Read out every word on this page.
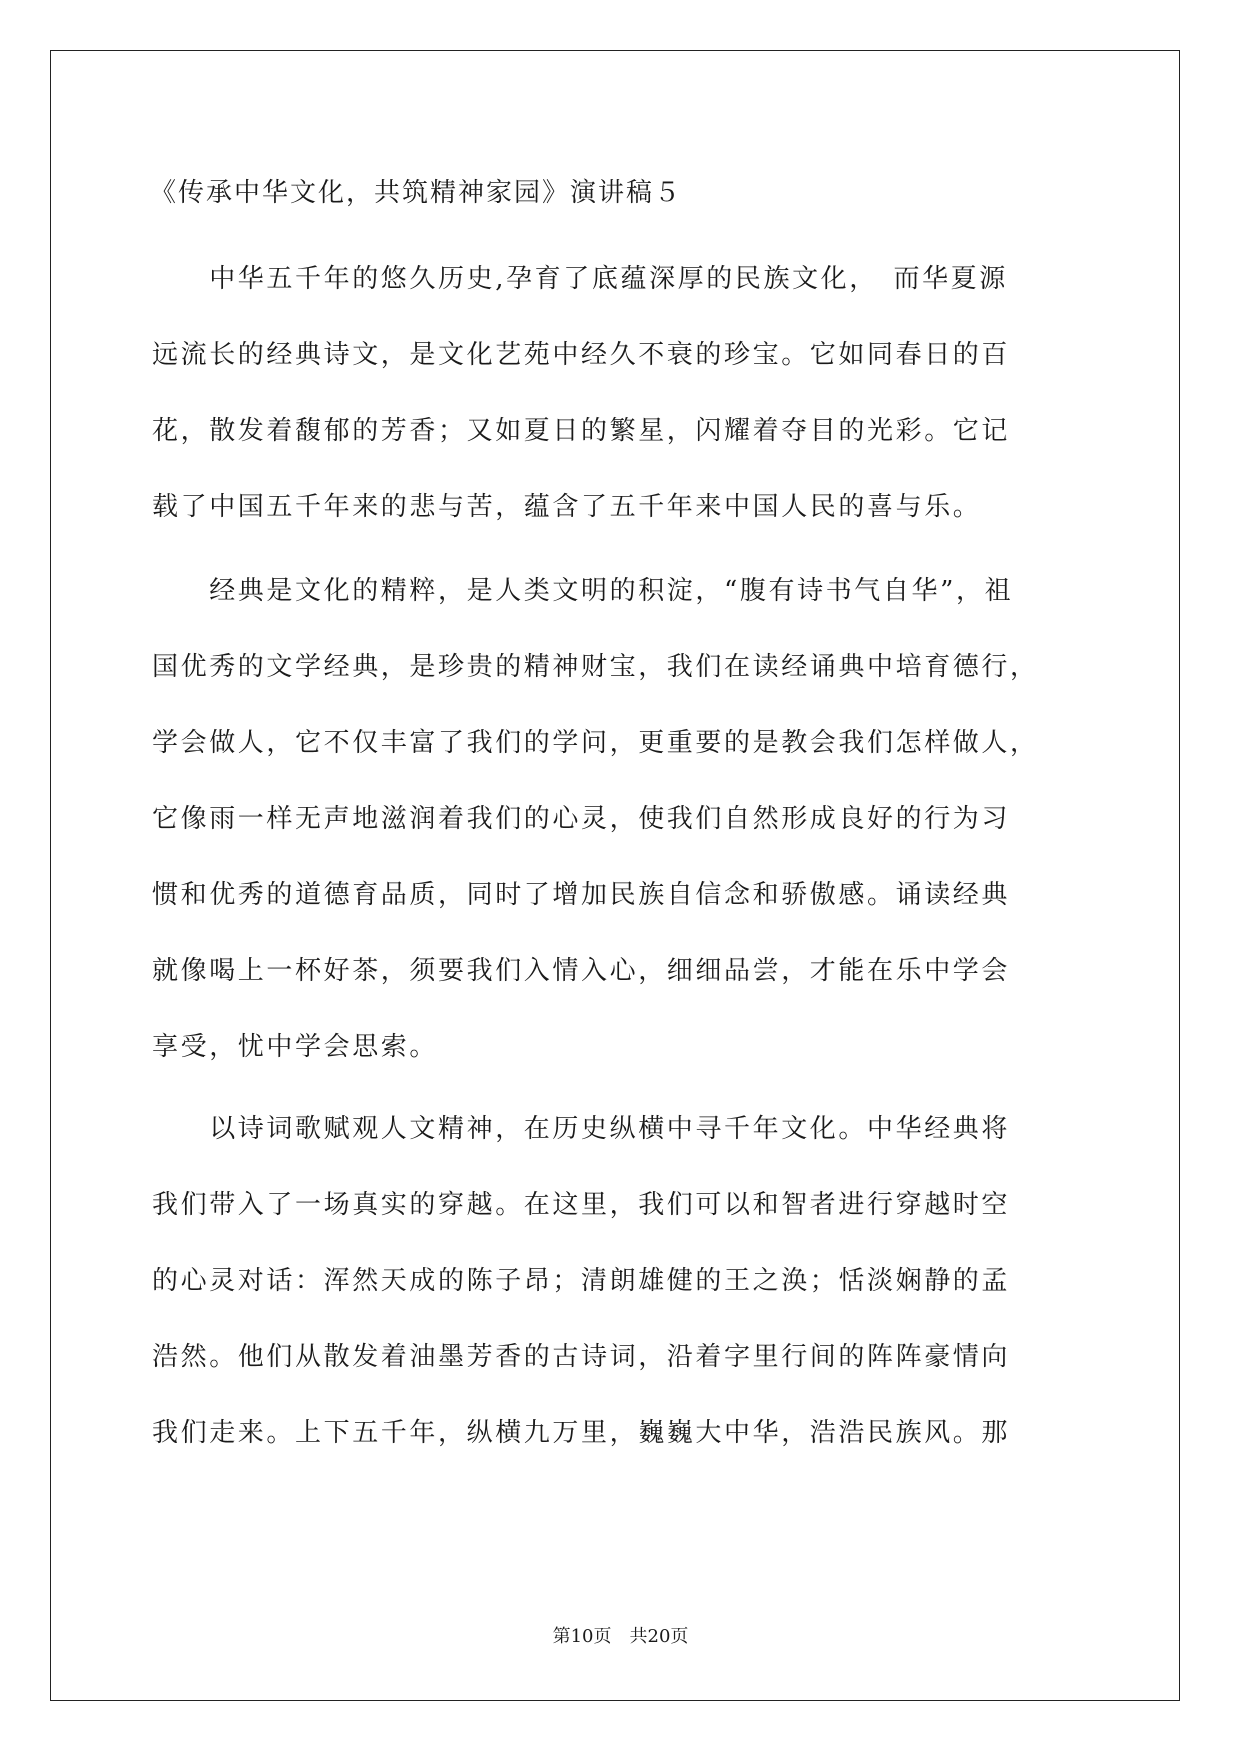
《传承中华文化，共筑精神家园》演讲稿５
　　中华五千年的悠久历史,孕育了底蕴深厚的民族文化，　而华夏源
远流长的经典诗文，是文化艺苑中经久不衰的珍宝。它如同春日的百
花，散发着馥郁的芳香；又如夏日的繁星，闪耀着夺目的光彩。它记
载了中国五千年来的悲与苦，蕴含了五千年来中国人民的喜与乐。
　　经典是文化的精粹，是人类文明的积淀，“腹有诗书气自华”，祖
国优秀的文学经典，是珍贵的精神财宝，我们在读经诵典中培育德行，
学会做人，它不仅丰富了我们的学问，更重要的是教会我们怎样做人，
它像雨一样无声地滋润着我们的心灵，使我们自然形成良好的行为习
惯和优秀的道德育品质，同时了增加民族自信念和骄傲感。诵读经典
就像喝上一杯好茶，须要我们入情入心，细细品尝，才能在乐中学会
享受，忧中学会思索。
　　以诗词歌赋观人文精神，在历史纵横中寻千年文化。中华经典将
我们带入了一场真实的穿越。在这里，我们可以和智者进行穿越时空
的心灵对话：浑然天成的陈子昂；清朗雄健的王之涣；恬淡娴静的孟
浩然。他们从散发着油墨芳香的古诗词，沿着字里行间的阵阵豪情向
我们走来。上下五千年，纵横九万里，巍巍大中华，浩浩民族风。那
第10页　共20页
